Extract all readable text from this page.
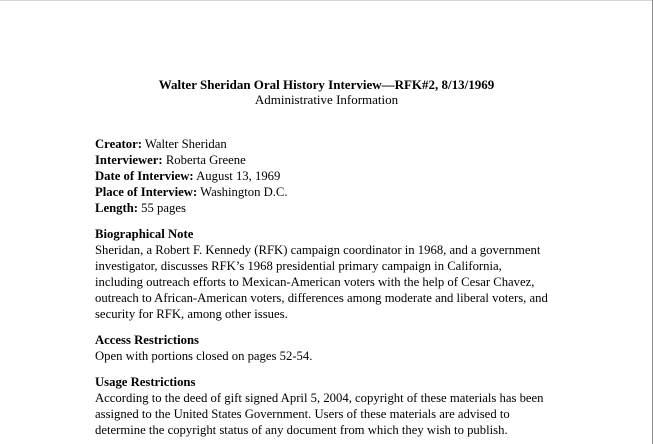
Walter Sheridan Oral History Interview—RFK#2, 8/13/1969
Administrative Information
Creator: Walter Sheridan
Interviewer: Roberta Greene
Date of Interview: August 13, 1969
Place of Interview: Washington D.C.
Length: 55 pages
Biographical Note
Sheridan, a Robert F. Kennedy (RFK) campaign coordinator in 1968, and a government
investigator, discusses RFK’s 1968 presidential primary campaign in California,
including outreach efforts to Mexican-American voters with the help of Cesar Chavez,
outreach to African-American voters, differences among moderate and liberal voters, and
security for RFK, among other issues.
Access Restrictions
Open with portions closed on pages 52-54.
Usage Restrictions
According to the deed of gift signed April 5, 2004, copyright of these materials has been
assigned to the United States Government. Users of these materials are advised to
determine the copyright status of any document from which they wish to publish.
